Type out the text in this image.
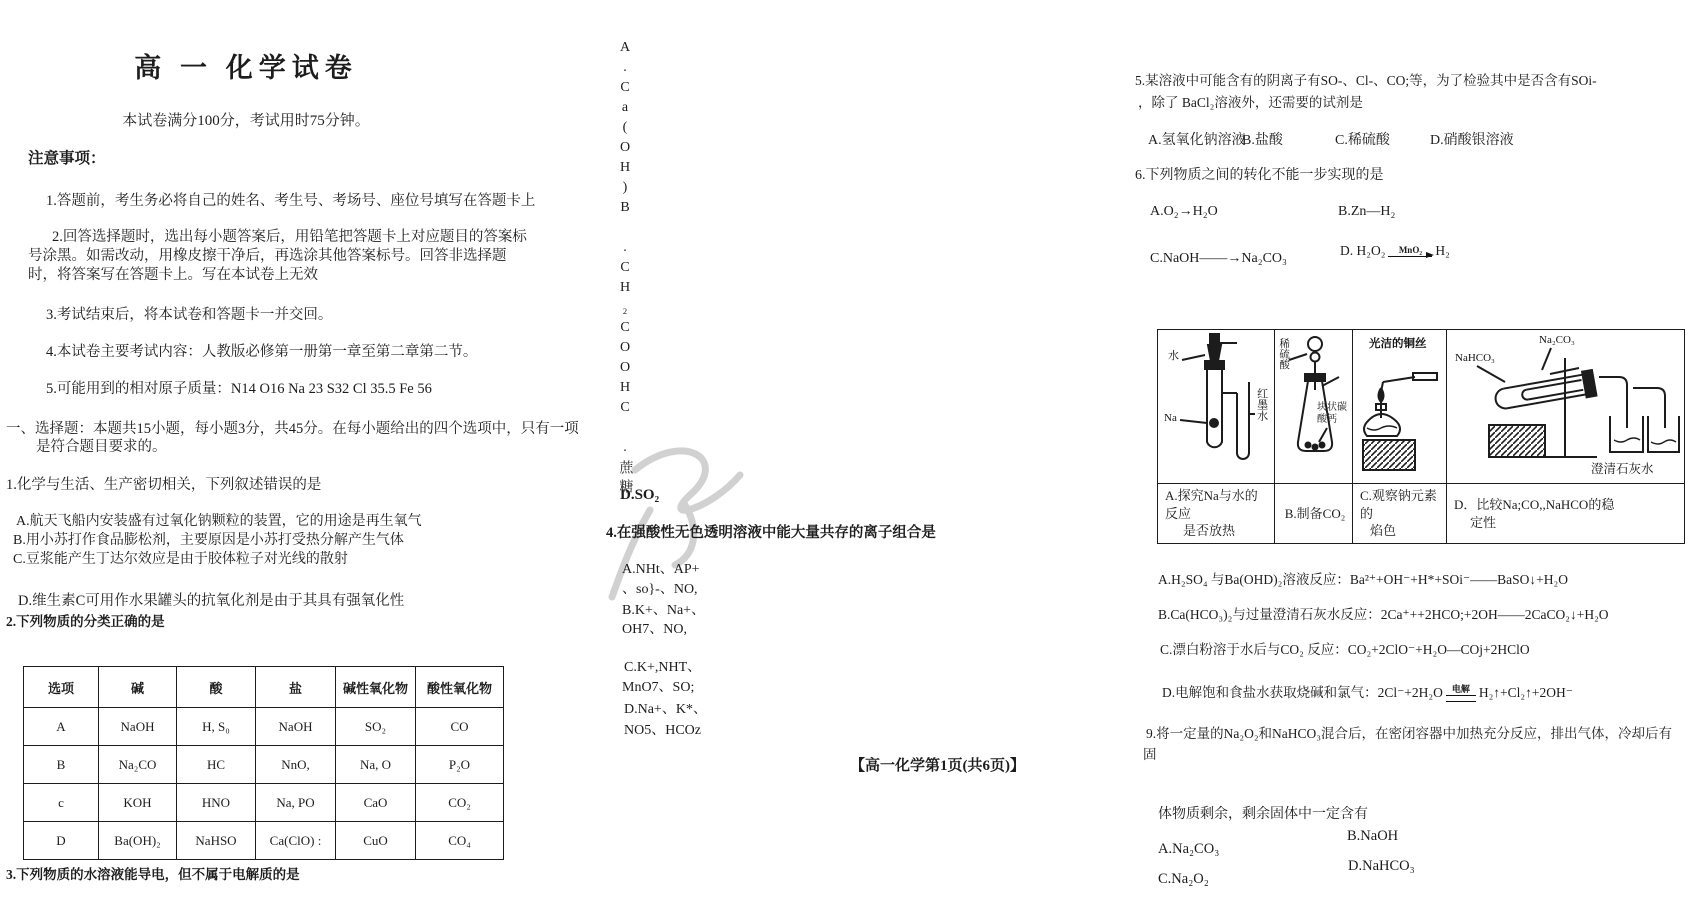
高 一 化学试卷
本试卷满分100分，考试用时75分钟。
注意事项：
1.答题前，考生务必将自己的姓名、考生号、考场号、座位号填写在答题卡上
2.回答选择题时，选出每小题答案后，用铅笔把答题卡上对应题目的答案标号涂黑。如需改动，用橡皮擦干净后，再选涂其他答案标号。回答非选择题时，将答案写在答题卡上。写在本试卷上无效
3.考试结束后，将本试卷和答题卡一并交回。
4.本试卷主要考试内容：人教版必修第一册第一章至第二章第二节。
5.可能用到的相对原子质量：N14 O16 Na 23 S32 Cl 35.5 Fe 56
一、选择题：本题共15小题，每小题3分，共45分。在每小题给出的四个选项中，只有一项是符合题目要求的。
1.化学与生活、生产密切相关，下列叙述错误的是
A.航天飞船内安装盛有过氧化钠颗粒的装置，它的用途是再生氧气
B.用小苏打作食品膨松剂，主要原因是小苏打受热分解产生气体
C.豆浆能产生丁达尔效应是由于胶体粒子对光线的散射
D.维生素C可用作水果罐头的抗氧化剂是由于其具有强氧化性
2.下列物质的分类正确的是
选项	碱	酸	盐	碱性氧化物	酸性氧化物
A	NaOH	H, S₀	NaOH	SO₂	CO
B	Na₂CO	HC	NnO,	Na, O	P₂O
c	KOH	HNO	Na, PO	CaO	CO₂
D	Ba(OH)₂	NaHSO	Ca(ClO) :	CuO	CO₄
3.下列物质的水溶液能导电，但不属于电解质的是
A.Ca(OH)B .CH₂COOHC .蔗糖
D.SO₂
4.在强酸性无色透明溶液中能大量共存的离子组合是
A.NHt、AP+
、so}-、NO,
B.K+、Na+、
OH7、NO,
C.K+,NHT、
MnO7、SO;
D.Na+、K*、
NO5、HCOz
【高一化学第1页(共6页)】
5.某溶液中可能含有的阴离子有SO-、Cl-、CO;等，为了检验其中是否含有SOi-
，除了 BaCl₂溶液外，还需要的试剂是
A.氢氧化钠溶液
B.盐酸	C.稀硫酸	D.硝酸银溶液
6.下列物质之间的转化不能一步实现的是
A.O₂→H₂O	B.Zn—H₂
C.NaOH——→Na₂CO₃
D. H₂O₂ MnO₂ H₂
水
Na	红墨水

稀硫酸
块状碳酸钙

光洁的铜丝

NaHCO₃
Na₂CO₃
澄清石灰水

A.探究Na与水的反应
是否放热

B.制备CO₂

C.观察钠元素的
焰色

D．比较Na;CO,,NaHCO的稳
定性
A.H₂SO₄ 与Ba(OHD)₂溶液反应：Ba²⁺+OH⁻+H*+SOi⁻——BaSO↓+H₂O
B.Ca(HCO₃)₂与过量澄清石灰水反应：2Ca⁺++2HCO;+2OH——2CaCO₂↓+H₂O
C.漂白粉溶于水后与CO₂ 反应：CO₂+2ClO⁻+H₂O—COj+2HClO
D.电解饱和食盐水获取烧碱和氯气：2Cl⁻+2H₂O 电解 H₂↑+Cl₂↑+2OH⁻
9.将一定量的Na₂O₂和NaHCO₃混合后，在密闭容器中加热充分反应，排出气体，冷却后有
固
体物质剩余，剩余固体中一定含有
A.Na₂CO₃
B.NaOH
C.Na₂O₂
D.NaHCO₃
